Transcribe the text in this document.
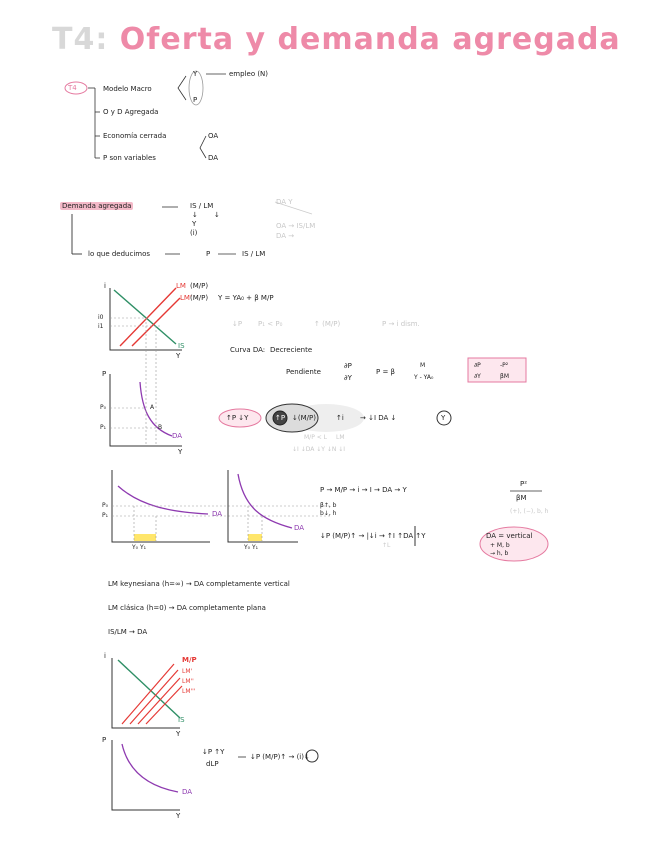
T4: Oferta y demanda agregada
T4	Modelo Macro
O y D Agregada
Economía cerrada
P son variables
Y
P
empleo (N)
OA
DA
Demanda agregada	IS / LM
↓ ↓
Y
(i)
DA Y
OA → IS/LM
DA →
lo que deducimos	P	IS / LM
i
Y
LM (M/P)
LM'
IS
i0
i1
(M/P) Y = YA₀ + β M/P
↓P P₁ < P₀	↑ (M/P)	P → i dism.
Curva DA: Decreciente
Pendiente
∂P
∂Y
P = β
M
Y - YA₀
∂P
∂Y
-P²
βM
P
Y
P₀
P₁
DA
A
B
↑P ↓Y	↑P ↓(M/P)	↑i → ↓I DA ↓	Y
M/P < L LM
↓I ↓DA ↓Y ↓N ↓I
DA
P₀
P₁
Y₀ Y₁
DA
Y₀ Y₁
P → M/P → i → I → DA → Y
β↑, b
b↓, h
P²
βM
(+), (−), b, h
↓P (M/P)↑ → |↓i → ↑I ↑DA ↑Y
↑L
DA = vertical
+ M, b
→ h, b
LM keynesiana (h=∞) → DA completamente vertical
LM clásica (h=0) → DA completamente plana
IS/LM → DA
i
Y
M/P
LM'
LM''
LM'''
IS
P
Y
DA
↓P ↑Y
dLP
↓P (M/P)↑ → (i)↓
